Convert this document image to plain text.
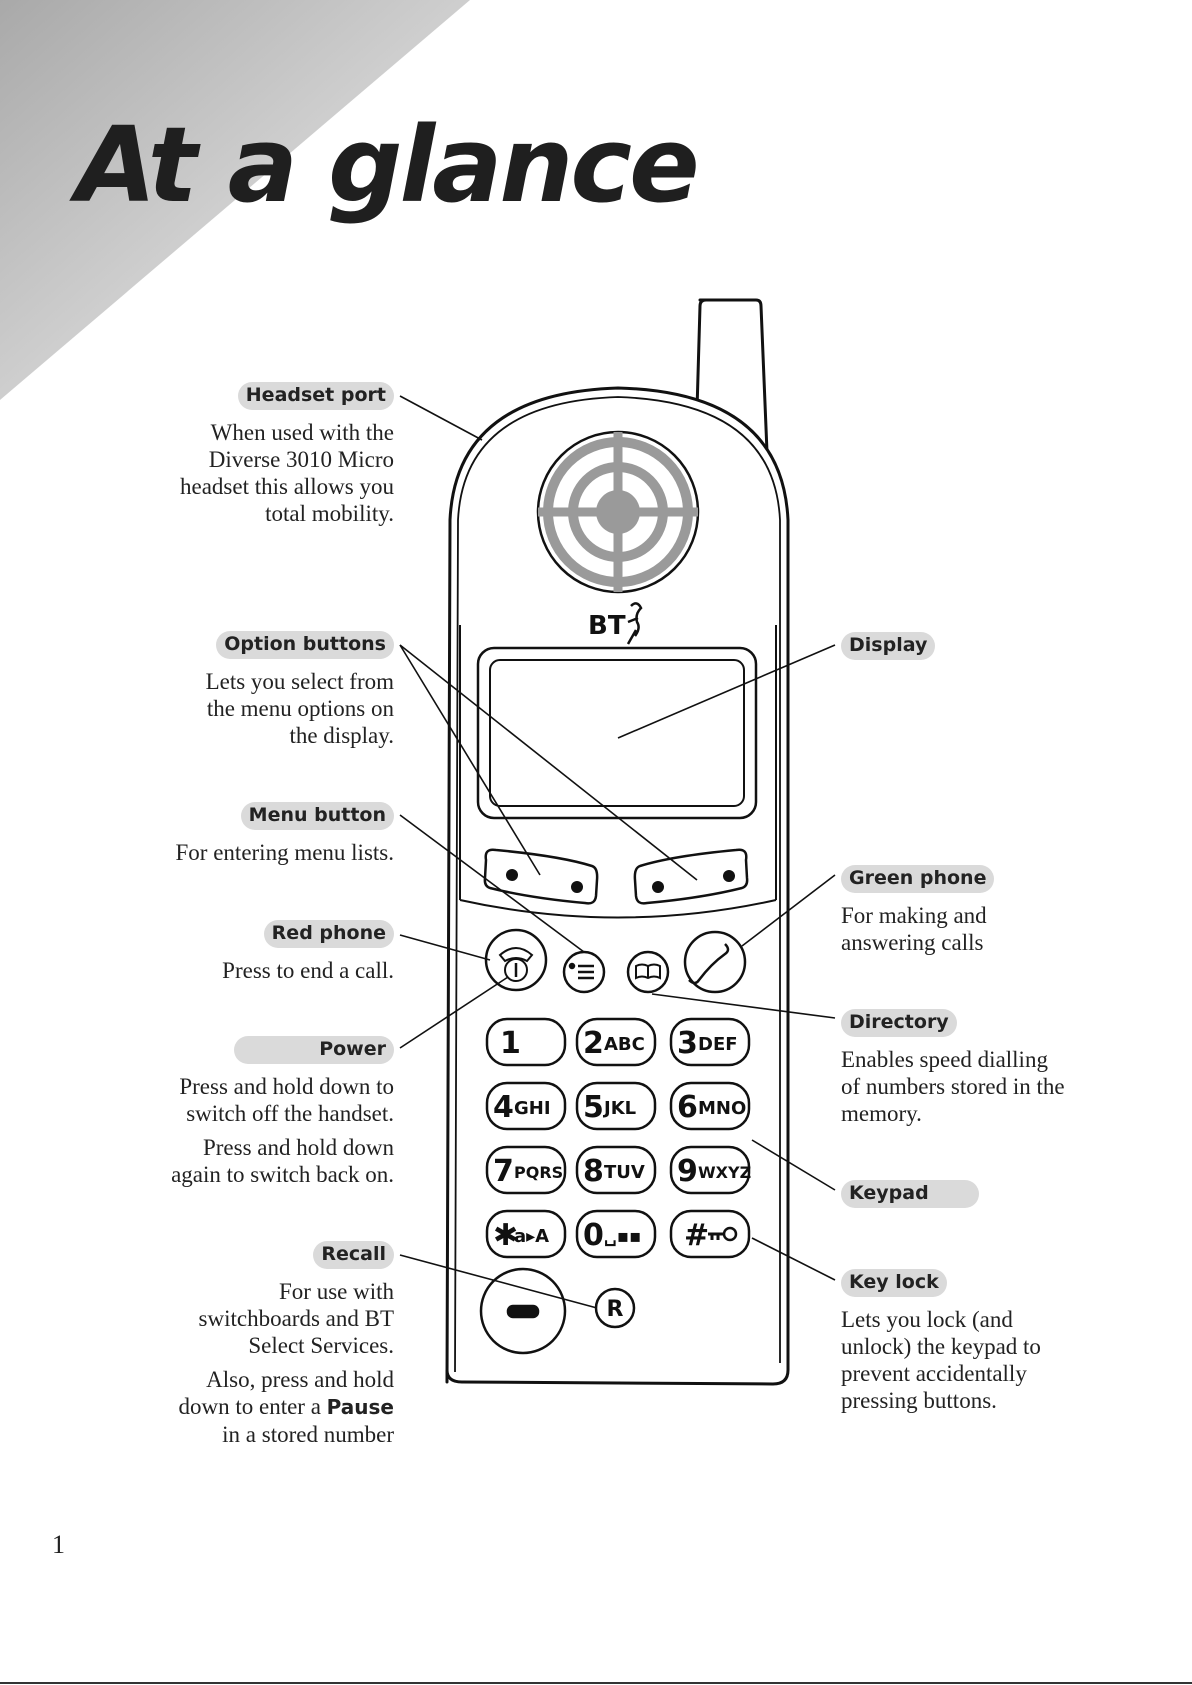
At a glance
BT
1 2 ABC 3 DEF
4 GHI 5 JKL 6 MNO
7 PQRS 8 TUV 9 WXYZ
✱
a▸A 0 ␣▪▪ #
R
Headset port
When used with the
Diverse 3010 Micro
headset this allows you
total mobility.
Option buttons
Lets you select from
the menu options on
the display.
Menu button
For entering menu lists.
Red phone
Press to end a call.
Power
Press and hold down to
switch off the handset.
Press and hold down
again to switch back on.
Recall
For use with
switchboards and BT
Select Services.
Also, press and hold
down to enter a Pause
in a stored number
Display
Green phone
For making and
answering calls
Directory
Enables speed dialling
of numbers stored in the
memory.
Keypad
Key lock
Lets you lock (and
unlock) the keypad to
prevent accidentally
pressing buttons.
1
